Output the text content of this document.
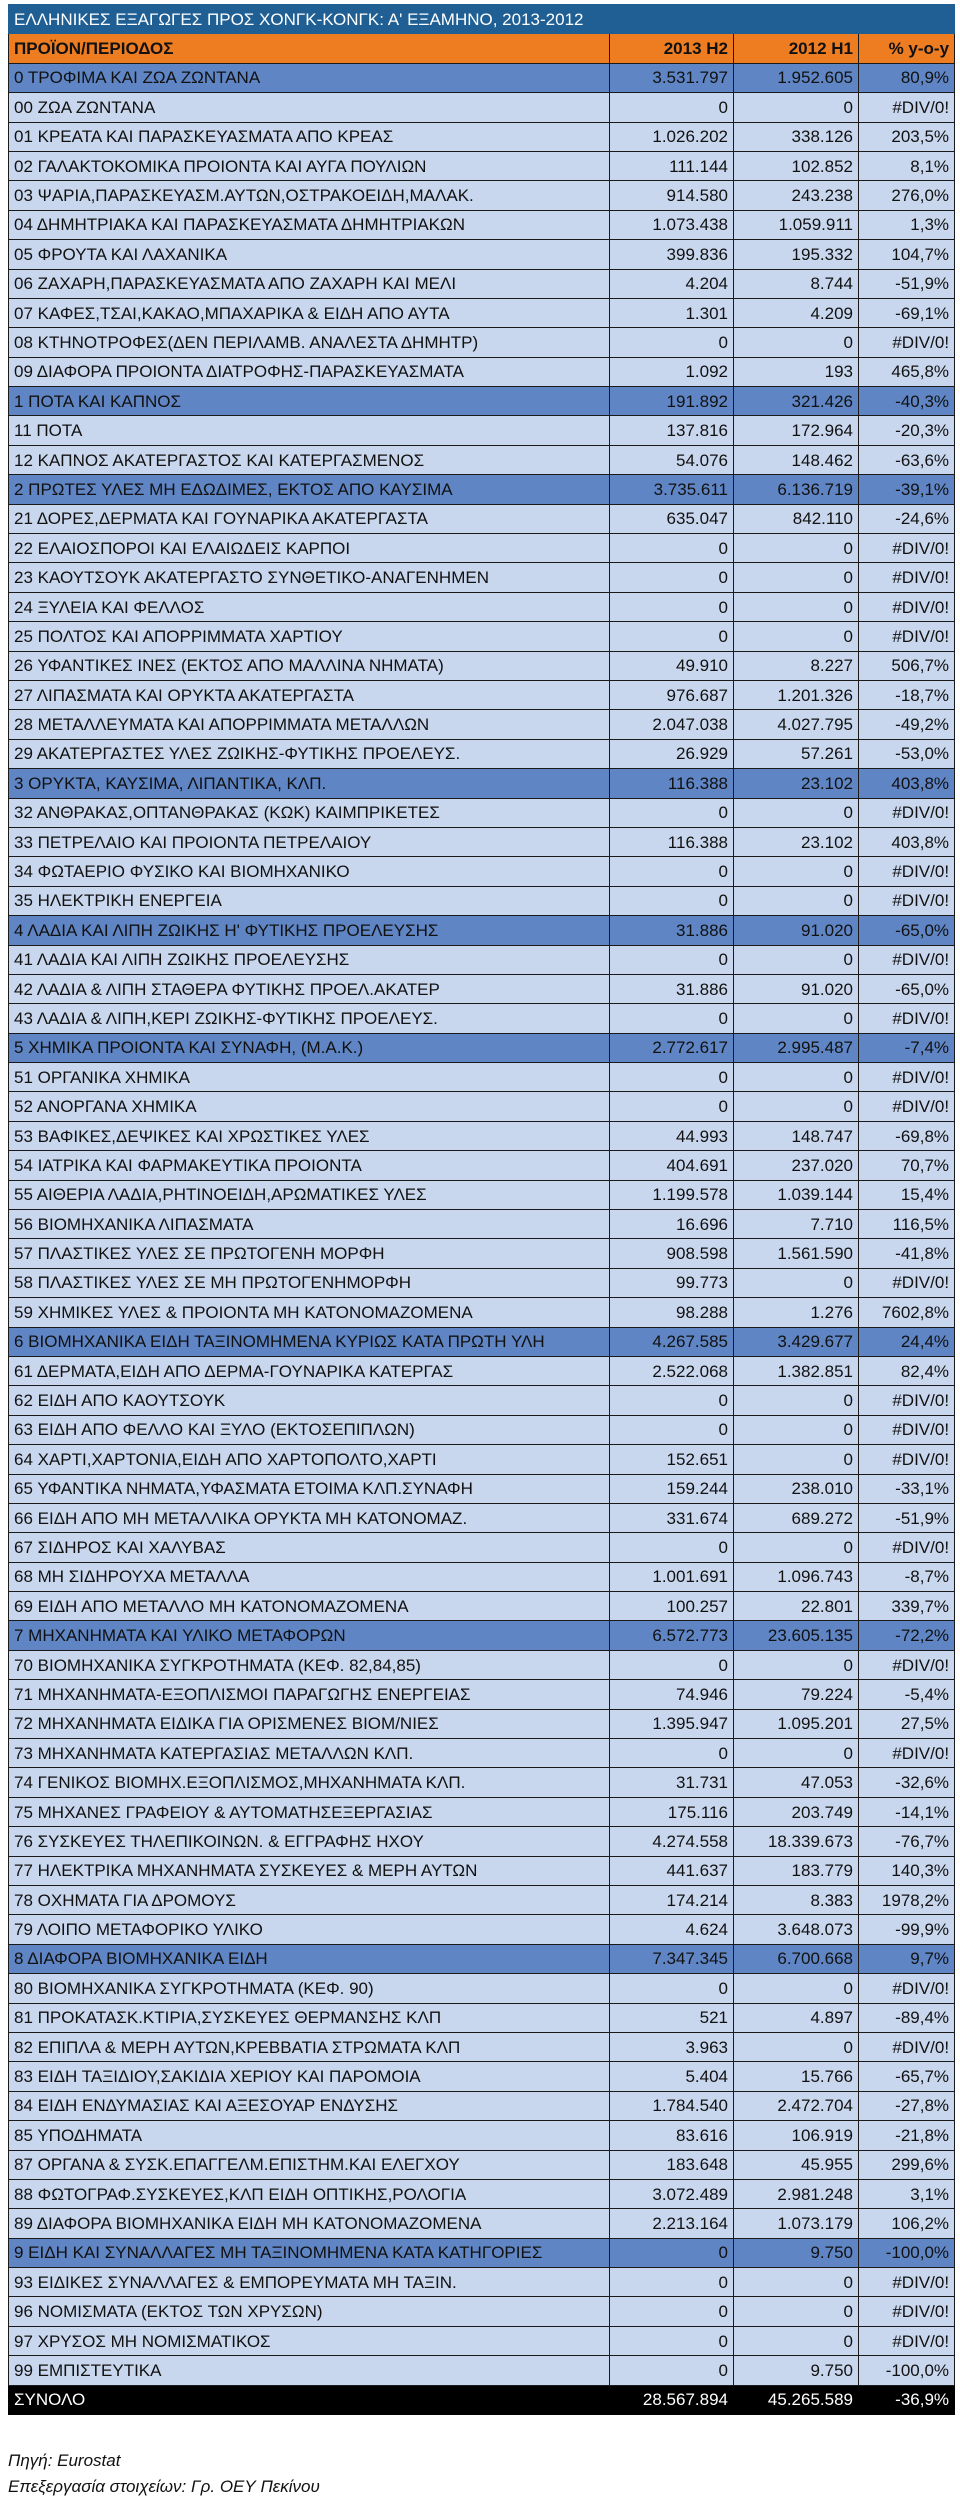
ΕΛΛΗΝΙΚΕΣ ΕΞΑΓΩΓΕΣ ΠΡΟΣ ΧΟΝΓΚ-ΚΟΝΓΚ: Α' ΕΞΑΜΗΝΟ, 2013-2012			
ΠΡΟΪΟΝ/ΠΕΡΙΟΔΟΣ	2013 H2	2012 H1	% y-o-y
0 ΤΡΟΦΙΜΑ ΚΑΙ ΖΩΑ ΖΩΝΤΑΝΑ	3.531.797	1.952.605	80,9%
00 ΖΩΑ ΖΩΝΤΑΝΑ	0	0	#DIV/0!
01 ΚΡΕΑΤΑ ΚΑΙ ΠΑΡΑΣΚΕΥΑΣΜΑΤΑ ΑΠΟ ΚΡΕΑΣ	1.026.202	338.126	203,5%
02 ΓΑΛΑΚΤΟΚΟΜΙΚΑ ΠΡΟΙΟΝΤΑ ΚΑΙ ΑΥΓΑ ΠΟΥΛΙΩΝ	111.144	102.852	8,1%
03 ΨΑΡΙΑ,ΠΑΡΑΣΚΕΥΑΣΜ.ΑΥΤΩΝ,ΟΣΤΡΑΚΟΕΙΔΗ,ΜΑΛΑΚ.	914.580	243.238	276,0%
04 ΔΗΜΗΤΡΙΑΚΑ ΚΑΙ ΠΑΡΑΣΚΕΥΑΣΜΑΤΑ ΔΗΜΗΤΡΙΑΚΩΝ	1.073.438	1.059.911	1,3%
05 ΦΡΟΥΤΑ ΚΑΙ ΛΑΧΑΝΙΚΑ	399.836	195.332	104,7%
06 ΖΑΧΑΡΗ,ΠΑΡΑΣΚΕΥΑΣΜΑΤΑ ΑΠΟ ΖΑΧΑΡΗ ΚΑΙ ΜΕΛΙ	4.204	8.744	-51,9%
07 ΚΑΦΕΣ,ΤΣΑΙ,ΚΑΚΑΟ,ΜΠΑΧΑΡΙΚΑ & ΕΙΔΗ ΑΠΟ ΑΥΤΑ	1.301	4.209	-69,1%
08 ΚΤΗΝΟΤΡΟΦΕΣ(ΔΕΝ ΠΕΡΙΛΑΜΒ. ΑΝΑΛΕΣΤΑ ΔΗΜΗΤΡ)	0	0	#DIV/0!
09 ΔΙΑΦΟΡΑ ΠΡΟΙΟΝΤΑ ΔΙΑΤΡΟΦΗΣ-ΠΑΡΑΣΚΕΥΑΣΜΑΤΑ	1.092	193	465,8%
1 ΠΟΤΑ ΚΑΙ ΚΑΠΝΟΣ	191.892	321.426	-40,3%
11 ΠΟΤΑ	137.816	172.964	-20,3%
12 ΚΑΠΝΟΣ ΑΚΑΤΕΡΓΑΣΤΟΣ ΚΑΙ ΚΑΤΕΡΓΑΣΜΕΝΟΣ	54.076	148.462	-63,6%
2 ΠΡΩΤΕΣ ΥΛΕΣ ΜΗ ΕΔΩΔΙΜΕΣ, ΕΚΤΟΣ ΑΠΟ ΚΑΥΣΙΜΑ	3.735.611	6.136.719	-39,1%
21 ΔΟΡΕΣ,ΔΕΡΜΑΤΑ ΚΑΙ ΓΟΥΝΑΡΙΚΑ ΑΚΑΤΕΡΓΑΣΤΑ	635.047	842.110	-24,6%
22 ΕΛΑΙΟΣΠΟΡΟΙ ΚΑΙ ΕΛΑΙΩΔΕΙΣ ΚΑΡΠΟΙ	0	0	#DIV/0!
23 ΚΑΟΥΤΣΟΥΚ ΑΚΑΤΕΡΓΑΣΤΟ ΣΥΝΘΕΤΙΚΟ-ΑΝΑΓΕΝΗΜΕΝ	0	0	#DIV/0!
24 ΞΥΛΕΙΑ ΚΑΙ ΦΕΛΛΟΣ	0	0	#DIV/0!
25 ΠΟΛΤΟΣ ΚΑΙ ΑΠΟΡΡΙΜΜΑΤΑ ΧΑΡΤΙΟΥ	0	0	#DIV/0!
26 ΥΦΑΝΤΙΚΕΣ ΙΝΕΣ (ΕΚΤΟΣ ΑΠΟ ΜΑΛΛΙΝΑ ΝΗΜΑΤΑ)	49.910	8.227	506,7%
27 ΛΙΠΑΣΜΑΤΑ ΚΑΙ ΟΡΥΚΤΑ ΑΚΑΤΕΡΓΑΣΤΑ	976.687	1.201.326	-18,7%
28 ΜΕΤΑΛΛΕΥΜΑΤΑ ΚΑΙ ΑΠΟΡΡΙΜΜΑΤΑ ΜΕΤΑΛΛΩΝ	2.047.038	4.027.795	-49,2%
29 ΑΚΑΤΕΡΓΑΣΤΕΣ ΥΛΕΣ ΖΩΙΚΗΣ-ΦΥΤΙΚΗΣ ΠΡΟΕΛΕΥΣ.	26.929	57.261	-53,0%
3 ΟΡΥΚΤΑ, ΚΑΥΣΙΜΑ, ΛΙΠΑΝΤΙΚΑ, ΚΛΠ.	116.388	23.102	403,8%
32 ΑΝΘΡΑΚΑΣ,ΟΠΤΑΝΘΡΑΚΑΣ (ΚΩΚ) ΚΑΙΜΠΡΙΚΕΤΕΣ	0	0	#DIV/0!
33 ΠΕΤΡΕΛΑΙΟ ΚΑΙ ΠΡΟΙΟΝΤΑ ΠΕΤΡΕΛΑΙΟΥ	116.388	23.102	403,8%
34 ΦΩΤΑΕΡΙΟ ΦΥΣΙΚΟ ΚΑΙ ΒΙΟΜΗΧΑΝΙΚΟ	0	0	#DIV/0!
35 ΗΛΕΚΤΡΙΚΗ ΕΝΕΡΓΕΙΑ	0	0	#DIV/0!
4 ΛΑΔΙΑ ΚΑΙ ΛΙΠΗ ΖΩΙΚΗΣ Η' ΦΥΤΙΚΗΣ ΠΡΟΕΛΕΥΣΗΣ	31.886	91.020	-65,0%
41 ΛΑΔΙΑ ΚΑΙ ΛΙΠΗ ΖΩΙΚΗΣ ΠΡΟΕΛΕΥΣΗΣ	0	0	#DIV/0!
42 ΛΑΔΙΑ & ΛΙΠΗ ΣΤΑΘΕΡΑ ΦΥΤΙΚΗΣ ΠΡΟΕΛ.ΑΚΑΤΕΡ	31.886	91.020	-65,0%
43 ΛΑΔΙΑ & ΛΙΠΗ,ΚΕΡΙ ΖΩΙΚΗΣ-ΦΥΤΙΚΗΣ ΠΡΟΕΛΕΥΣ.	0	0	#DIV/0!
5 ΧΗΜΙΚΑ ΠΡΟΙΟΝΤΑ ΚΑΙ ΣΥΝΑΦΗ, (Μ.Α.Κ.)	2.772.617	2.995.487	-7,4%
51 ΟΡΓΑΝΙΚΑ ΧΗΜΙΚΑ	0	0	#DIV/0!
52 ΑΝΟΡΓΑΝΑ ΧΗΜΙΚΑ	0	0	#DIV/0!
53 ΒΑΦΙΚΕΣ,ΔΕΨΙΚΕΣ ΚΑΙ ΧΡΩΣΤΙΚΕΣ ΥΛΕΣ	44.993	148.747	-69,8%
54 ΙΑΤΡΙΚΑ ΚΑΙ ΦΑΡΜΑΚΕΥΤΙΚΑ ΠΡΟΙΟΝΤΑ	404.691	237.020	70,7%
55 ΑΙΘΕΡΙΑ ΛΑΔΙΑ,ΡΗΤΙΝΟΕΙΔΗ,ΑΡΩΜΑΤΙΚΕΣ ΥΛΕΣ	1.199.578	1.039.144	15,4%
56 ΒΙΟΜΗΧΑΝΙΚΑ ΛΙΠΑΣΜΑΤΑ	16.696	7.710	116,5%
57 ΠΛΑΣΤΙΚΕΣ ΥΛΕΣ ΣΕ ΠΡΩΤΟΓΕΝΗ ΜΟΡΦΗ	908.598	1.561.590	-41,8%
58 ΠΛΑΣΤΙΚΕΣ ΥΛΕΣ ΣΕ ΜΗ ΠΡΩΤΟΓΕΝΗΜΟΡΦΗ	99.773	0	#DIV/0!
59 ΧΗΜΙΚΕΣ ΥΛΕΣ & ΠΡΟΙΟΝΤΑ ΜΗ ΚΑΤΟΝΟΜΑΖΟΜΕΝΑ	98.288	1.276	7602,8%
6 ΒΙΟΜΗΧΑΝΙΚΑ ΕΙΔΗ ΤΑΞΙΝΟΜΗΜΕΝΑ ΚΥΡΙΩΣ ΚΑΤΑ ΠΡΩΤΗ ΥΛΗ	4.267.585	3.429.677	24,4%
61 ΔΕΡΜΑΤΑ,ΕΙΔΗ ΑΠΟ ΔΕΡΜΑ-ΓΟΥΝΑΡΙΚΑ ΚΑΤΕΡΓΑΣ	2.522.068	1.382.851	82,4%
62 ΕΙΔΗ ΑΠΟ ΚΑΟΥΤΣΟΥΚ	0	0	#DIV/0!
63 ΕΙΔΗ ΑΠΟ ΦΕΛΛΟ ΚΑΙ ΞΥΛΟ (ΕΚΤΟΣΕΠΙΠΛΩΝ)	0	0	#DIV/0!
64 ΧΑΡΤΙ,ΧΑΡΤΟΝΙΑ,ΕΙΔΗ ΑΠΟ ΧΑΡΤΟΠΟΛΤΟ,ΧΑΡΤΙ	152.651	0	#DIV/0!
65 ΥΦΑΝΤΙΚΑ ΝΗΜΑΤΑ,ΥΦΑΣΜΑΤΑ ΕΤΟΙΜΑ ΚΛΠ.ΣΥΝΑΦΗ	159.244	238.010	-33,1%
66 ΕΙΔΗ ΑΠΟ ΜΗ ΜΕΤΑΛΛΙΚΑ ΟΡΥΚΤΑ ΜΗ ΚΑΤΟΝΟΜΑΖ.	331.674	689.272	-51,9%
67 ΣΙΔΗΡΟΣ ΚΑΙ ΧΑΛΥΒΑΣ	0	0	#DIV/0!
68 ΜΗ ΣΙΔΗΡΟΥΧΑ ΜΕΤΑΛΛΑ	1.001.691	1.096.743	-8,7%
69 ΕΙΔΗ ΑΠΟ ΜΕΤΑΛΛΟ ΜΗ ΚΑΤΟΝΟΜΑΖΟΜΕΝΑ	100.257	22.801	339,7%
7 ΜΗΧΑΝΗΜΑΤΑ ΚΑΙ ΥΛΙΚΟ ΜΕΤΑΦΟΡΩΝ	6.572.773	23.605.135	-72,2%
70 ΒΙΟΜΗΧΑΝΙΚΑ ΣΥΓΚΡΟΤΗΜΑΤΑ (ΚΕΦ. 82,84,85)	0	0	#DIV/0!
71 ΜΗΧΑΝΗΜΑΤΑ-ΕΞΟΠΛΙΣΜΟΙ ΠΑΡΑΓΩΓΗΣ ΕΝΕΡΓΕΙΑΣ	74.946	79.224	-5,4%
72 ΜΗΧΑΝΗΜΑΤΑ ΕΙΔΙΚΑ ΓΙΑ ΟΡΙΣΜΕΝΕΣ ΒΙΟΜ/ΝΙΕΣ	1.395.947	1.095.201	27,5%
73 ΜΗΧΑΝΗΜΑΤΑ ΚΑΤΕΡΓΑΣΙΑΣ ΜΕΤΑΛΛΩΝ ΚΛΠ.	0	0	#DIV/0!
74 ΓΕΝΙΚΟΣ ΒΙΟΜΗΧ.ΕΞΟΠΛΙΣΜΟΣ,ΜΗΧΑΝΗΜΑΤΑ ΚΛΠ.	31.731	47.053	-32,6%
75 ΜΗΧΑΝΕΣ ΓΡΑΦΕΙΟΥ & ΑΥΤΟΜΑΤΗΣΕΞΕΡΓΑΣΙΑΣ	175.116	203.749	-14,1%
76 ΣΥΣΚΕΥΕΣ ΤΗΛΕΠΙΚΟΙΝΩΝ. & ΕΓΓΡΑΦΗΣ ΗΧΟΥ	4.274.558	18.339.673	-76,7%
77 ΗΛΕΚΤΡΙΚΑ ΜΗΧΑΝΗΜΑΤΑ ΣΥΣΚΕΥΕΣ & ΜΕΡΗ ΑΥΤΩΝ	441.637	183.779	140,3%
78 ΟΧΗΜΑΤΑ ΓΙΑ ΔΡΟΜΟΥΣ	174.214	8.383	1978,2%
79 ΛΟΙΠΟ ΜΕΤΑΦΟΡΙΚΟ ΥΛΙΚΟ	4.624	3.648.073	-99,9%
8 ΔΙΑΦΟΡΑ ΒΙΟΜΗΧΑΝΙΚΑ ΕΙΔΗ	7.347.345	6.700.668	9,7%
80 ΒΙΟΜΗΧΑΝΙΚΑ ΣΥΓΚΡΟΤΗΜΑΤΑ (ΚΕΦ. 90)	0	0	#DIV/0!
81 ΠΡΟΚΑΤΑΣΚ.ΚΤΙΡΙΑ,ΣΥΣΚΕΥΕΣ ΘΕΡΜΑΝΣΗΣ ΚΛΠ	521	4.897	-89,4%
82 ΕΠΙΠΛΑ & ΜΕΡΗ ΑΥΤΩΝ,ΚΡΕΒΒΑΤΙΑ ΣΤΡΩΜΑΤΑ ΚΛΠ	3.963	0	#DIV/0!
83 ΕΙΔΗ ΤΑΞΙΔΙΟΥ,ΣΑΚΙΔΙΑ ΧΕΡΙΟΥ ΚΑΙ ΠΑΡΟΜΟΙΑ	5.404	15.766	-65,7%
84 ΕΙΔΗ ΕΝΔΥΜΑΣΙΑΣ ΚΑΙ ΑΞΕΣΟΥΑΡ ΕΝΔΥΣΗΣ	1.784.540	2.472.704	-27,8%
85 ΥΠΟΔΗΜΑΤΑ	83.616	106.919	-21,8%
87 ΟΡΓΑΝΑ & ΣΥΣΚ.ΕΠΑΓΓΕΛΜ.ΕΠΙΣΤΗΜ.ΚΑΙ ΕΛΕΓΧΟΥ	183.648	45.955	299,6%
88 ΦΩΤΟΓΡΑΦ.ΣΥΣΚΕΥΕΣ,ΚΛΠ ΕΙΔΗ ΟΠΤΙΚΗΣ,ΡΟΛΟΓΙΑ	3.072.489	2.981.248	3,1%
89 ΔΙΑΦΟΡΑ ΒΙΟΜΗΧΑΝΙΚΑ ΕΙΔΗ ΜΗ ΚΑΤΟΝΟΜΑΖΟΜΕΝΑ	2.213.164	1.073.179	106,2%
9 ΕΙΔΗ ΚΑΙ ΣΥΝΑΛΛΑΓΕΣ ΜΗ ΤΑΞΙΝΟΜΗΜΕΝΑ ΚΑΤΑ ΚΑΤΗΓΟΡΙΕΣ	0	9.750	-100,0%
93 ΕΙΔΙΚΕΣ ΣΥΝΑΛΛΑΓΕΣ & ΕΜΠΟΡΕΥΜΑΤΑ ΜΗ ΤΑΞΙΝ.	0	0	#DIV/0!
96 ΝΟΜΙΣΜΑΤΑ (ΕΚΤΟΣ ΤΩΝ ΧΡΥΣΩΝ)	0	0	#DIV/0!
97 ΧΡΥΣΟΣ ΜΗ ΝΟΜΙΣΜΑΤΙΚΟΣ	0	0	#DIV/0!
99 ΕΜΠΙΣΤΕΥΤΙΚΑ	0	9.750	-100,0%
ΣΥΝΟΛΟ	28.567.894	45.265.589	-36,9%
Πηγή: Eurostat
Επεξεργασία στοιχείων: Γρ. ΟΕΥ Πεκίνου
